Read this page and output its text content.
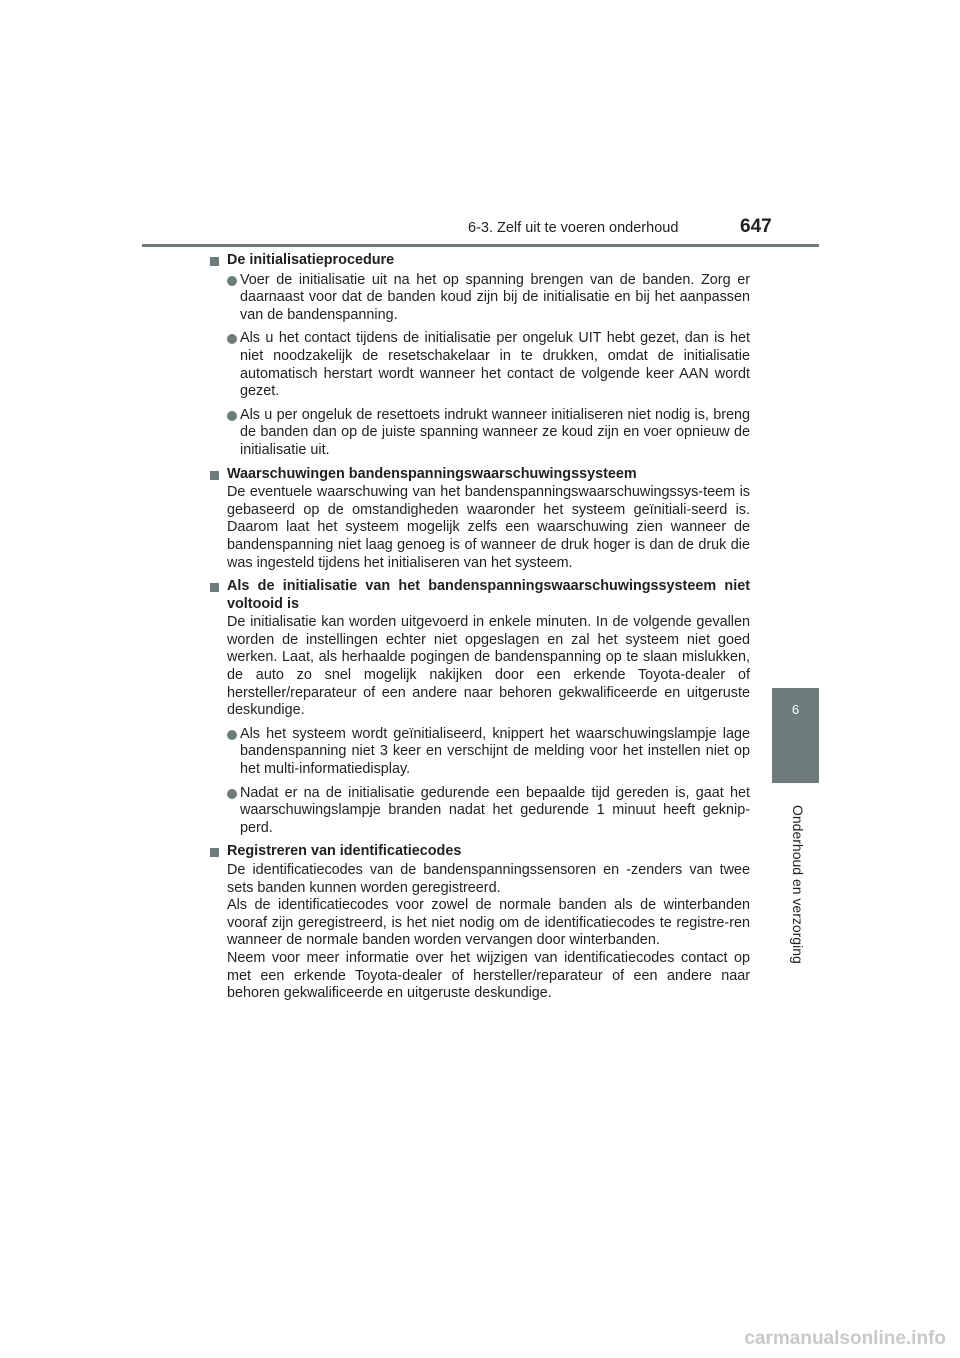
6-3. Zelf uit te voeren onderhoud	647
6
Onderhoud en verzorging
De initialisatieprocedure
Voer de initialisatie uit na het op spanning brengen van de banden. Zorg er daarnaast voor dat de banden koud zijn bij de initialisatie en bij het aanpassen van de bandenspanning.
Als u het contact tijdens de initialisatie per ongeluk UIT hebt gezet, dan is het niet noodzakelijk de resetschakelaar in te drukken, omdat de initialisatie automatisch herstart wordt wanneer het contact de volgende keer AAN wordt gezet.
Als u per ongeluk de resettoets indrukt wanneer initialiseren niet nodig is, breng de banden dan op de juiste spanning wanneer ze koud zijn en voer opnieuw de initialisatie uit.
Waarschuwingen bandenspanningswaarschuwingssysteem
De eventuele waarschuwing van het bandenspanningswaarschuwingssys-teem is gebaseerd op de omstandigheden waaronder het systeem geïnitiali-seerd is. Daarom laat het systeem mogelijk zelfs een waarschuwing zien wanneer de bandenspanning niet laag genoeg is of wanneer de druk hoger is dan de druk die was ingesteld tijdens het initialiseren van het systeem.
Als de initialisatie van het bandenspanningswaarschuwingssysteem niet voltooid is
De initialisatie kan worden uitgevoerd in enkele minuten. In de volgende gevallen worden de instellingen echter niet opgeslagen en zal het systeem niet goed werken. Laat, als herhaalde pogingen de bandenspanning op te slaan mislukken, de auto zo snel mogelijk nakijken door een erkende Toyota-dealer of hersteller/reparateur of een andere naar behoren gekwalificeerde en uitgeruste deskundige.
Als het systeem wordt geïnitialiseerd, knippert het waarschuwingslampje lage bandenspanning niet 3 keer en verschijnt de melding voor het instellen niet op het multi-informatiedisplay.
Nadat er na de initialisatie gedurende een bepaalde tijd gereden is, gaat het waarschuwingslampje branden nadat het gedurende 1 minuut heeft geknip-perd.
Registreren van identificatiecodes
De identificatiecodes van de bandenspanningssensoren en -zenders van twee sets banden kunnen worden geregistreerd.
Als de identificatiecodes voor zowel de normale banden als de winterbanden vooraf zijn geregistreerd, is het niet nodig om de identificatiecodes te registre-ren wanneer de normale banden worden vervangen door winterbanden.
Neem voor meer informatie over het wijzigen van identificatiecodes contact op met een erkende Toyota-dealer of hersteller/reparateur of een andere naar behoren gekwalificeerde en uitgeruste deskundige.
carmanualsonline.info
